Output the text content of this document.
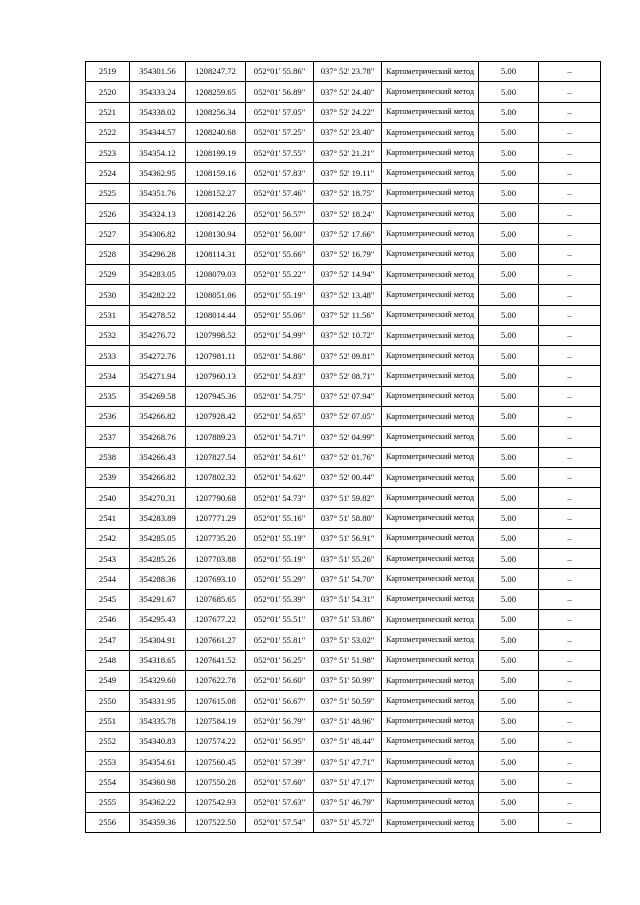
2519	354301.56	1208247.72	052°01' 55.86"	037° 52' 23.78"	Картометрический метод	5.00	–
2520	354333.24	1208259.65	052°01' 56.89"	037° 52' 24.40"	Картометрический метод	5.00	–
2521	354338.02	1208256.34	052°01' 57.05"	037° 52' 24.22"	Картометрический метод	5.00	–
2522	354344.57	1208240.68	052°01' 57.25"	037° 52' 23.40"	Картометрический метод	5.00	–
2523	354354.12	1208199.19	052°01' 57.55"	037° 52' 21.21"	Картометрический метод	5.00	–
2524	354362.95	1208159.16	052°01' 57.83"	037° 52' 19.11"	Картометрический метод	5.00	–
2525	354351.76	1208152.27	052°01' 57.46"	037° 52' 18.75"	Картометрический метод	5.00	–
2526	354324.13	1208142.26	052°01' 56.57"	037° 52' 18.24"	Картометрический метод	5.00	–
2527	354306.82	1208130.94	052°01' 56.00"	037° 52' 17.66"	Картометрический метод	5.00	–
2528	354296.28	1208114.31	052°01' 55.66"	037° 52' 16.79"	Картометрический метод	5.00	–
2529	354283.05	1208079.03	052°01' 55.22"	037° 52' 14.94"	Картометрический метод	5.00	–
2530	354282.22	1208051.06	052°01' 55.19"	037° 52' 13.48"	Картометрический метод	5.00	–
2531	354278.52	1208014.44	052°01' 55.06"	037° 52' 11.56"	Картометрический метод	5.00	–
2532	354276.72	1207998.52	052°01' 54.99"	037° 52' 10.72"	Картометрический метод	5.00	–
2533	354272.76	1207981.11	052°01' 54.86"	037° 52' 09.81"	Картометрический метод	5.00	–
2534	354271.94	1207960.13	052°01' 54.83"	037° 52' 08.71"	Картометрический метод	5.00	–
2535	354269.58	1207945.36	052°01' 54.75"	037° 52' 07.94"	Картометрический метод	5.00	–
2536	354266.82	1207928.42	052°01' 54.65"	037° 52' 07.05"	Картометрический метод	5.00	–
2537	354268.76	1207889.23	052°01' 54.71"	037° 52' 04.99"	Картометрический метод	5.00	–
2538	354266.43	1207827.54	052°01' 54.61"	037° 52' 01.76"	Картометрический метод	5.00	–
2539	354266.82	1207802.32	052°01' 54.62"	037° 52' 00.44"	Картометрический метод	5.00	–
2540	354270.31	1207790.68	052°01' 54.73"	037° 51' 59.82"	Картометрический метод	5.00	–
2541	354283.89	1207771.29	052°01' 55.16"	037° 51' 58.80"	Картометрический метод	5.00	–
2542	354285.05	1207735.20	052°01' 55.19"	037° 51' 56.91"	Картометрический метод	5.00	–
2543	354285.26	1207703.88	052°01' 55.19"	037° 51' 55.26"	Картометрический метод	5.00	–
2544	354288.36	1207693.10	052°01' 55.29"	037° 51' 54.70"	Картометрический метод	5.00	–
2545	354291.67	1207685.65	052°01' 55.39"	037° 51' 54.31"	Картометрический метод	5.00	–
2546	354295.43	1207677.22	052°01' 55.51"	037° 51' 53.86"	Картометрический метод	5.00	–
2547	354304.91	1207661.27	052°01' 55.81"	037° 51' 53.02"	Картометрический метод	5.00	–
2548	354318.65	1207641.52	052°01' 56.25"	037° 51' 51.98"	Картометрический метод	5.00	–
2549	354329.60	1207622.78	052°01' 56.60"	037° 51' 50.99"	Картометрический метод	5.00	–
2550	354331.95	1207615.08	052°01' 56.67"	037° 51' 50.59"	Картометрический метод	5.00	–
2551	354335.78	1207584.19	052°01' 56.79"	037° 51' 48.96"	Картометрический метод	5.00	–
2552	354340.83	1207574.22	052°01' 56.95"	037° 51' 48.44"	Картометрический метод	5.00	–
2553	354354.61	1207560.45	052°01' 57.39"	037° 51' 47.71"	Картометрический метод	5.00	–
2554	354360.98	1207550.28	052°01' 57.60"	037° 51' 47.17"	Картометрический метод	5.00	–
2555	354362.22	1207542.93	052°01' 57.63"	037° 51' 46.79"	Картометрический метод	5.00	–
2556	354359.36	1207522.50	052°01' 57.54"	037° 51' 45.72"	Картометрический метод	5.00	–
